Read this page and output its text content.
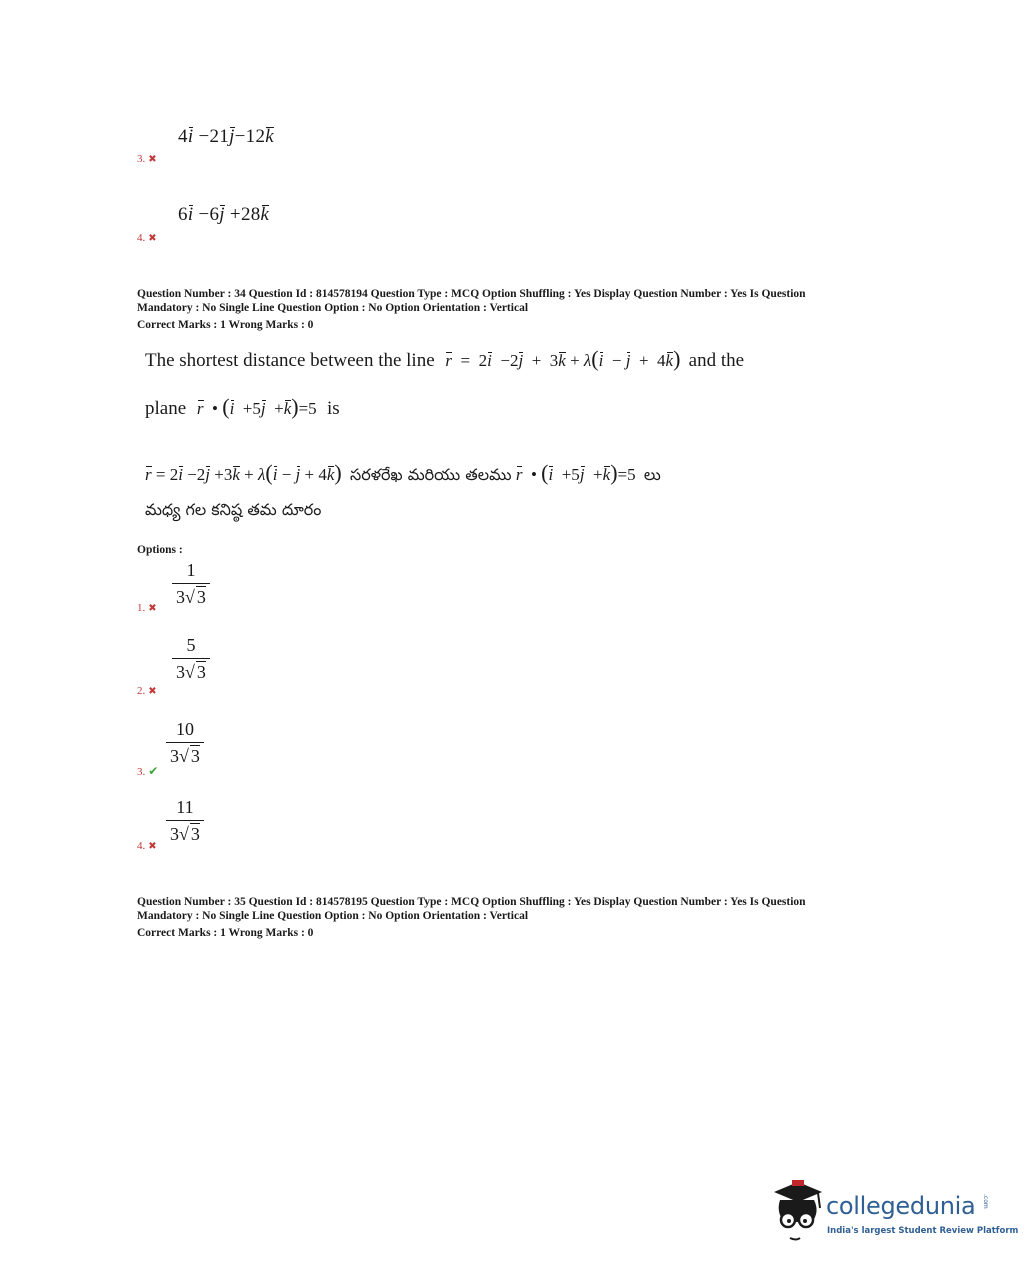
4i −21j−12k
3. ✖
6i −6j +28k
4. ✖
Question Number : 34 Question Id : 814578194 Question Type : MCQ Option Shuffling : Yes Display Question Number : Yes Is Question
Mandatory : No Single Line Question Option : No Option Orientation : Vertical
Correct Marks : 1 Wrong Marks : 0
The shortest distance between the line r  =  2i  −2j  +  3k + λ(i  − j  +  4k) and the
plane r  • (i  +5j  +k)=5 is
r = 2i −2j +3k + λ(i − j + 4k) సరళరేఖ మరియు తలము r  • (i  +5j  +k)=5 లు
మధ్య గల కనిష్ఠ తమ దూరం
Options :
$\frac{1}{3√ 3}$
1. ✖
$\frac{5}{3√ 3}$
2. ✖
$\frac{10}{3√ 3}$
3. ✔
$\frac{11}{3√ 3}$
4. ✖
Question Number : 35 Question Id : 814578195 Question Type : MCQ Option Shuffling : Yes Display Question Number : Yes Is Question
Mandatory : No Single Line Question Option : No Option Orientation : Vertical
Correct Marks : 1 Wrong Marks : 0
collegedunia .com
India's largest Student Review Platform
